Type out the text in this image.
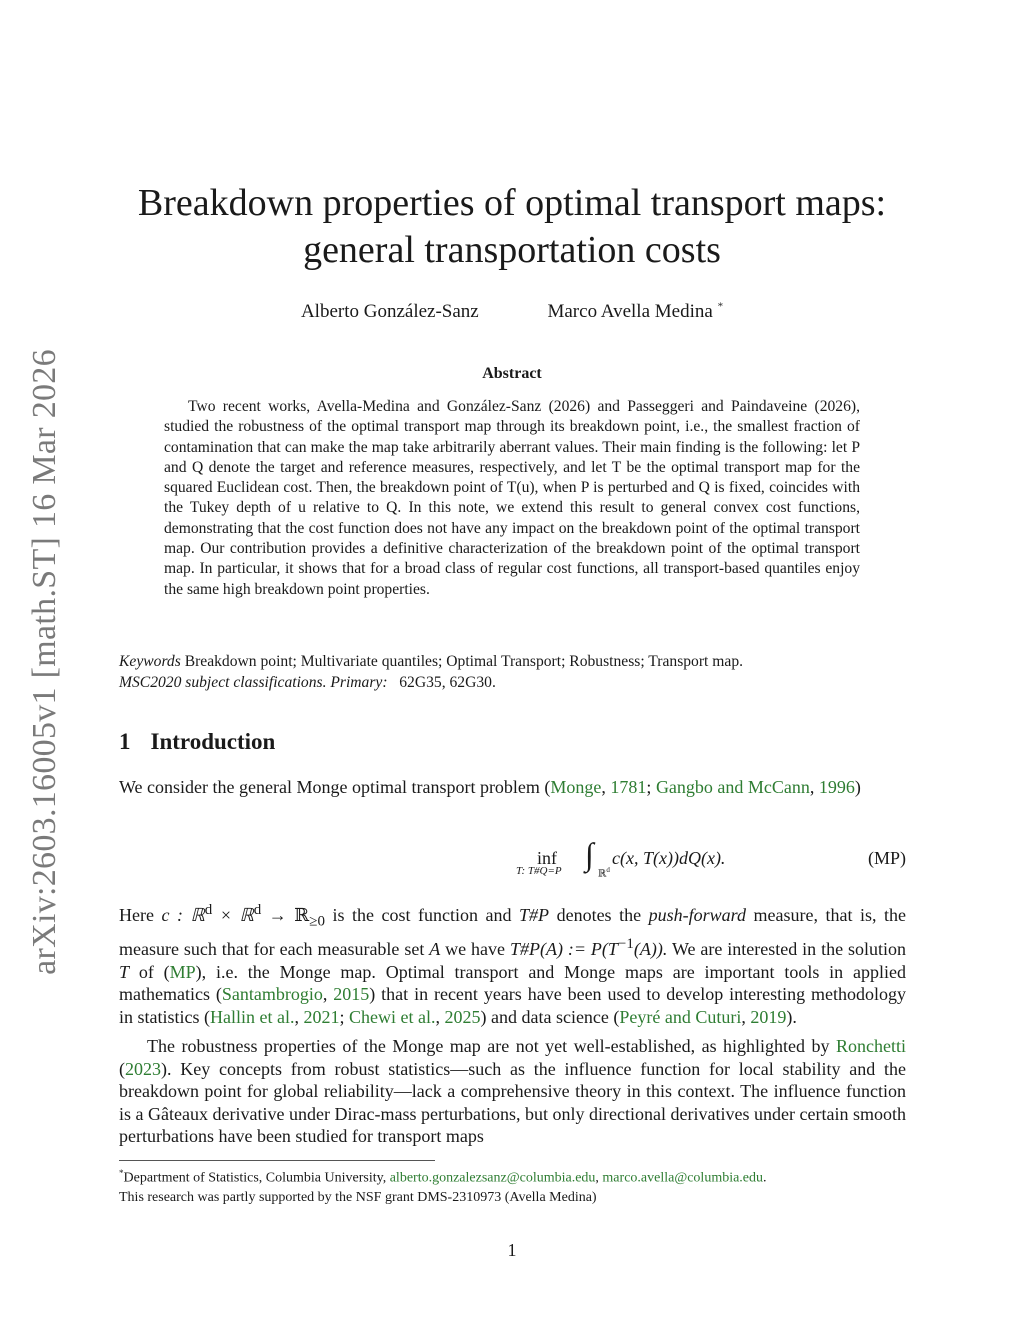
arXiv:2603.16005v1 [math.ST] 16 Mar 2026
Breakdown properties of optimal transport maps:
general transportation costs
Alberto González-Sanz	Marco Avella Medina *
Abstract
Two recent works, Avella-Medina and González-Sanz (2026) and Passeggeri and Paindaveine (2026), studied the robustness of the optimal transport map through its breakdown point, i.e., the smallest fraction of contamination that can make the map take arbitrarily aberrant values. Their main finding is the following: let P and Q denote the target and reference measures, respectively, and let T be the optimal transport map for the squared Euclidean cost. Then, the breakdown point of T(u), when P is perturbed and Q is fixed, coincides with the Tukey depth of u relative to Q. In this note, we extend this result to general convex cost functions, demonstrating that the cost function does not have any impact on the breakdown point of the optimal transport map. Our contribution provides a definitive characterization of the breakdown point of the optimal transport map. In particular, it shows that for a broad class of regular cost functions, all transport-based quantiles enjoy the same high breakdown point properties.
Keywords Breakdown point; Multivariate quantiles; Optimal Transport; Robustness; Transport map.
MSC2020 subject classifications. Primary: 62G35, 62G30.
1 Introduction
We consider the general Monge optimal transport problem (Monge, 1781; Gangbo and McCann, 1996)
inf
T: T#Q=P ∫
ℝ$^d$
c(x, T(x))dQ(x).	(MP)
Here c : ℝ$^d$ × ℝ$^d$ → ℝ$_{\ge 0}$ is the cost function and T#P denotes the push-forward measure, that is, the measure such that for each measurable set A we have T#P(A) := $P(T^{-1}(A))$. We are interested in the solution T of (MP), i.e. the Monge map. Optimal transport and Monge maps are important tools in applied mathematics (Santambrogio, 2015) that in recent years have been used to develop interesting methodology in statistics (Hallin et al., 2021; Chewi et al., 2025) and data science (Peyré and Cuturi, 2019).
The robustness properties of the Monge map are not yet well-established, as highlighted by Ronchetti (2023). Key concepts from robust statistics—such as the influence function for local stability and the breakdown point for global reliability—lack a comprehensive theory in this context. The influence function is a Gâteaux derivative under Dirac-mass perturbations, but only directional derivatives under certain smooth perturbations have been studied for transport maps
*Department of Statistics, Columbia University, alberto.gonzalezsanz@columbia.edu, marco.avella@columbia.edu.
This research was partly supported by the NSF grant DMS-2310973 (Avella Medina)
1
